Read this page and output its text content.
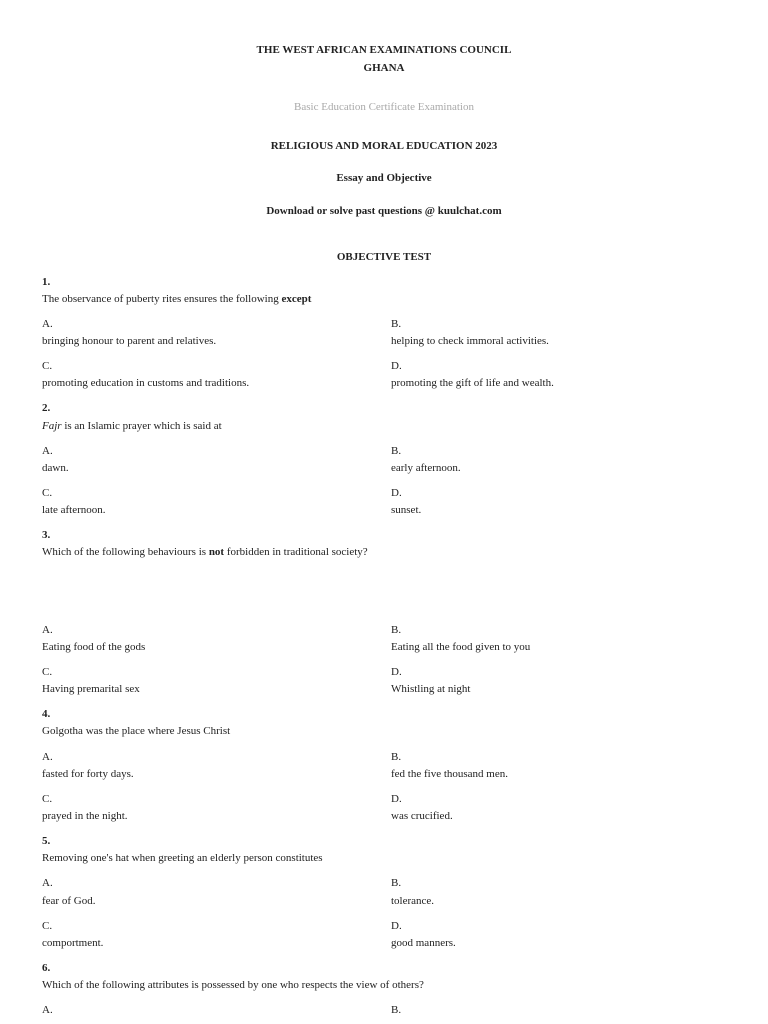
THE WEST AFRICAN EXAMINATIONS COUNCIL
GHANA
Basic Education Certificate Examination
RELIGIOUS AND MORAL EDUCATION 2023
Essay and Objective
Download or solve past questions @ kuulchat.com
OBJECTIVE TEST
1.
The observance of puberty rites ensures the following except
A.	B.
bringing honour to parent and relatives.	helping to check immoral activities.
C.	D.
promoting education in customs and traditions.	promoting the gift of life and wealth.
2.
Fajr is an Islamic prayer which is said at
A.	B.
dawn.	early afternoon.
C.	D.
late afternoon.	sunset.
3.
Which of the following behaviours is not forbidden in traditional society?
A.	B.
Eating food of the gods	Eating all the food given to you
C.	D.
Having premarital sex	Whistling at night
4.
Golgotha was the place where Jesus Christ
A.	B.
fasted for forty days.	fed the five thousand men.
C.	D.
prayed in the night.	was crucified.
5.
Removing one's hat when greeting an elderly person constitutes
A.	B.
fear of God.	tolerance.
C.	D.
comportment.	good manners.
6.
Which of the following attributes is possessed by one who respects the view of others?
A.	B.
